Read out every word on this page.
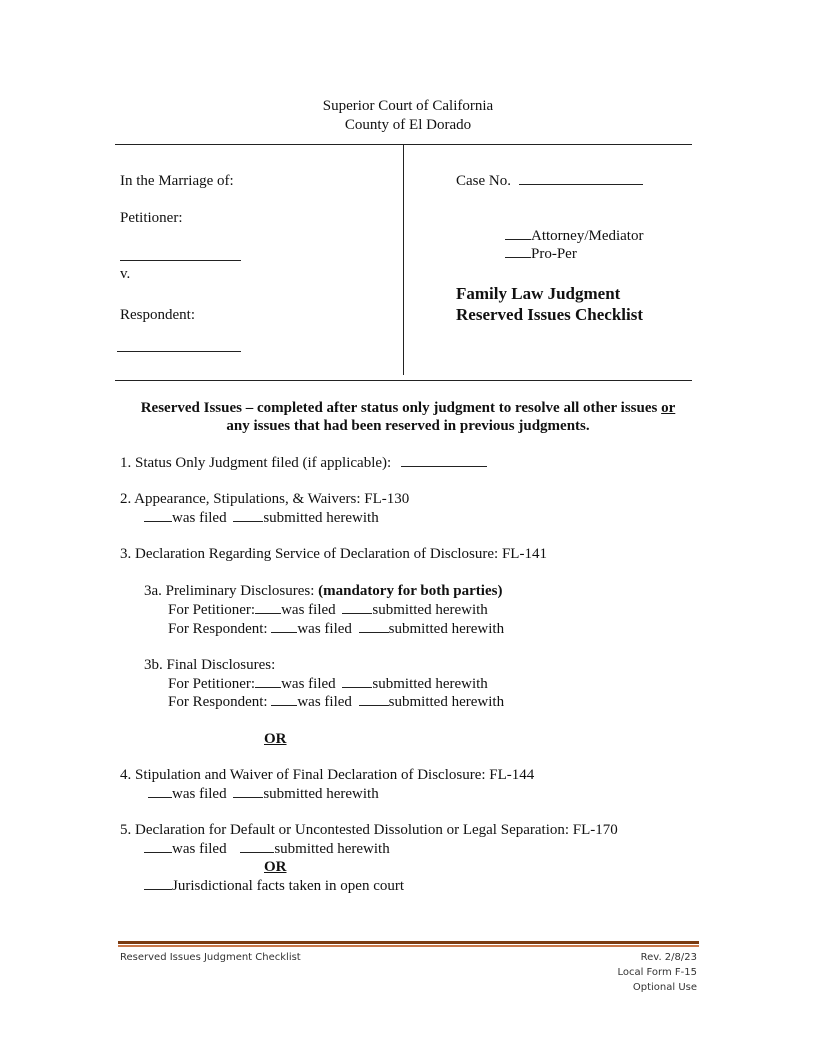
Superior Court of California
County of El Dorado
In the Marriage of:
Petitioner:
v.
Respondent:
Case No.
Attorney/Mediator
Pro-Per
Family Law Judgment
Reserved Issues Checklist
Reserved Issues – completed after status only judgment to resolve all other issues or
any issues that had been reserved in previous judgments.
1. Status Only Judgment filed (if applicable):
2. Appearance, Stipulations, & Waivers: FL-130
was filed submitted herewith
3. Declaration Regarding Service of Declaration of Disclosure: FL-141
3a. Preliminary Disclosures: (mandatory for both parties)
For Petitioner: was filed submitted herewith
For Respondent: was filed submitted herewith
3b. Final Disclosures:
For Petitioner: was filed submitted herewith
For Respondent: was filed submitted herewith
OR
4. Stipulation and Waiver of Final Declaration of Disclosure: FL-144
was filed submitted herewith
5. Declaration for Default or Uncontested Dissolution or Legal Separation: FL-170
was filed	submitted herewith
OR
Jurisdictional facts taken in open court
Reserved Issues Judgment Checklist	Rev. 2/8/23
Local Form F-15
Optional Use
